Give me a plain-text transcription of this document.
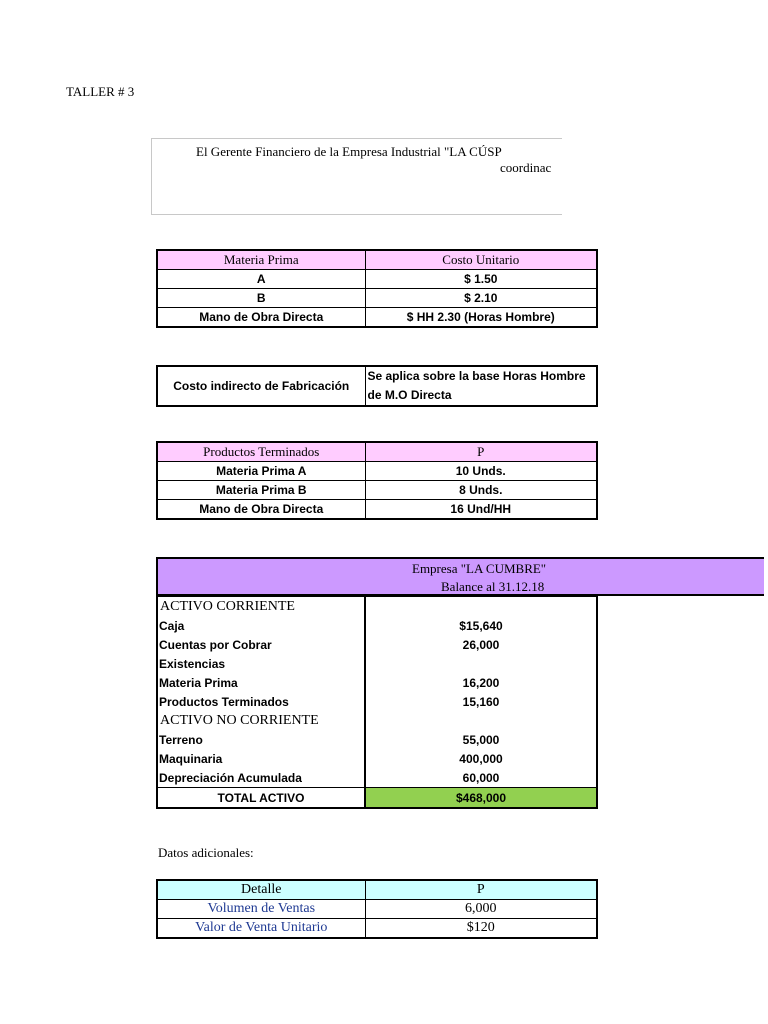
TALLER # 3
El Gerente Financiero de la Empresa Industrial "LA CÚSP
coordinac
Materia Prima	Costo Unitario
A	$ 1.50
B	$ 2.10
Mano de Obra Directa	$ HH 2.30 (Horas Hombre)
Costo indirecto de Fabricación	Se aplica sobre la base Horas Hombre de M.O Directa
Productos Terminados	P
Materia Prima A	10 Unds.
Materia Prima B	8 Unds.
Mano de Obra Directa	16 Und/HH
Empresa "LA CUMBRE"
Balance al 31.12.18
ACTIVO CORRIENTE	
Caja	$15,640
Cuentas por Cobrar	26,000
Existencias	
Materia Prima	16,200
Productos Terminados	15,160
ACTIVO NO CORRIENTE	
Terreno	55,000
Maquinaria	400,000
Depreciación Acumulada	60,000
TOTAL ACTIVO	$468,000
Datos adicionales:
Detalle	P
Volumen de Ventas	6,000
Valor de Venta Unitario	$120
